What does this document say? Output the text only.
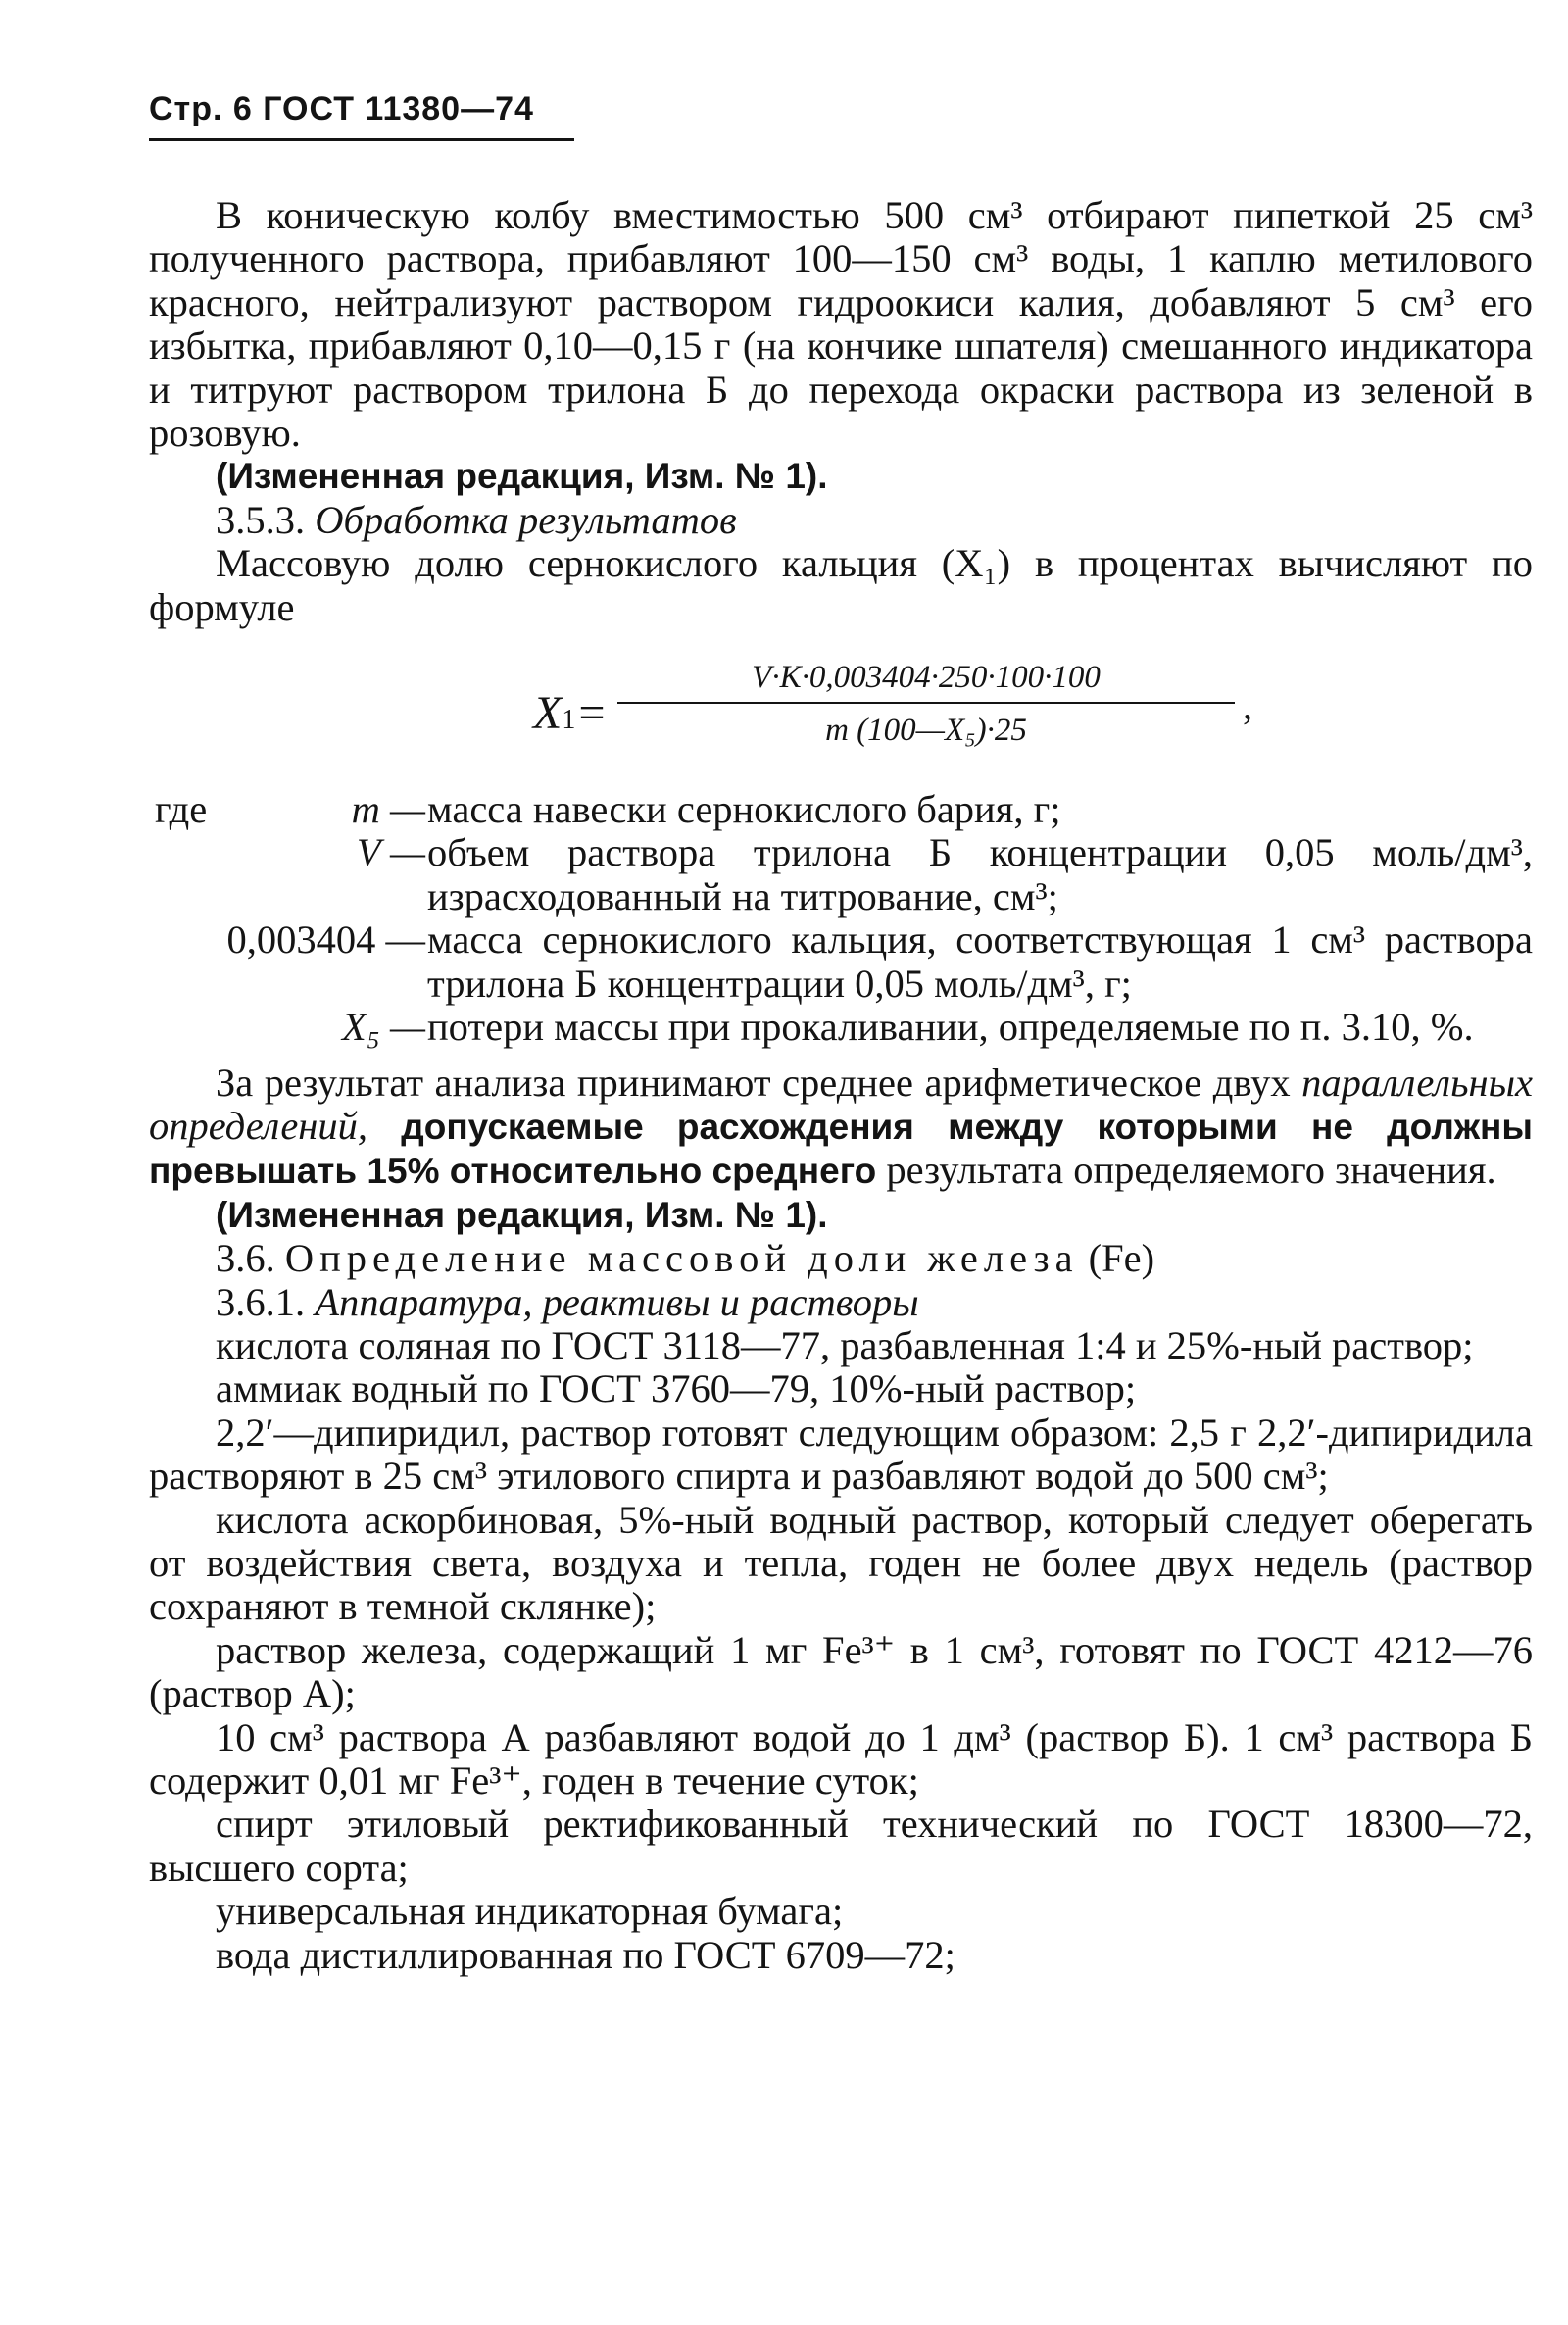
Стр. 6 ГОСТ 11380—74

В коническую колбу вместимостью 500 см³ отбирают пипеткой 25 см³ полученного раствора, прибавляют 100—150 см³ воды, 1 каплю метилового красного, нейтрализуют раствором гидроокиси калия, добавляют 5 см³ его избытка, прибавляют 0,10—0,15 г (на кончике шпателя) смешанного индикатора и титруют раствором трилона Б до перехода окраски раствора из зеленой в розовую.

(Измененная редакция, Изм. № 1).

3.5.3. Обработка результатов

Массовую долю сернокислого кальция (X₁) в процентах вычисляют по формуле

$X1= \frac{V\cdot K\cdot 0,003404\cdot 250\cdot 100\cdot 100}{\text{m (100—X₅)·25}}$ ,
где	m — масса навески сернокислого бария, г;
V — объем раствора трилона Б концентрации 0,05 моль/дм³, израсходованный на титрование, см³;
0,003404 — масса сернокислого кальция, соответствующая 1 см³ раствора трилона Б концентрации 0,05 моль/дм³, г;
X₅ — потери массы при прокаливании, определяемые по п. 3.10, %.

За результат анализа принимают среднее арифметическое двух параллельных определений, допускаемые расхождения между которыми не должны превышать 15% относительно среднего результата определяемого значения.

(Измененная редакция, Изм. № 1).

3.6. Определение массовой доли железа (Fe)

3.6.1. Аппаратура, реактивы и растворы

кислота соляная по ГОСТ 3118—77, разбавленная 1:4 и 25%-ный раствор;

аммиак водный по ГОСТ 3760—79, 10%-ный раствор;

2,2′—дипиридил, раствор готовят следующим образом: 2,5 г 2,2′-дипиридила растворяют в 25 см³ этилового спирта и разбавляют водой до 500 см³;

кислота аскорбиновая, 5%-ный водный раствор, который следует оберегать от воздействия света, воздуха и тепла, годен не более двух недель (раствор сохраняют в темной склянке);

раствор железа, содержащий 1 мг Fe³⁺ в 1 см³, готовят по ГОСТ 4212—76 (раствор А);

10 см³ раствора А разбавляют водой до 1 дм³ (раствор Б). 1 см³ раствора Б содержит 0,01 мг Fe³⁺, годен в течение суток;

спирт этиловый ректификованный технический по ГОСТ 18300—72, высшего сорта;

универсальная индикаторная бумага;

вода дистиллированная по ГОСТ 6709—72;
